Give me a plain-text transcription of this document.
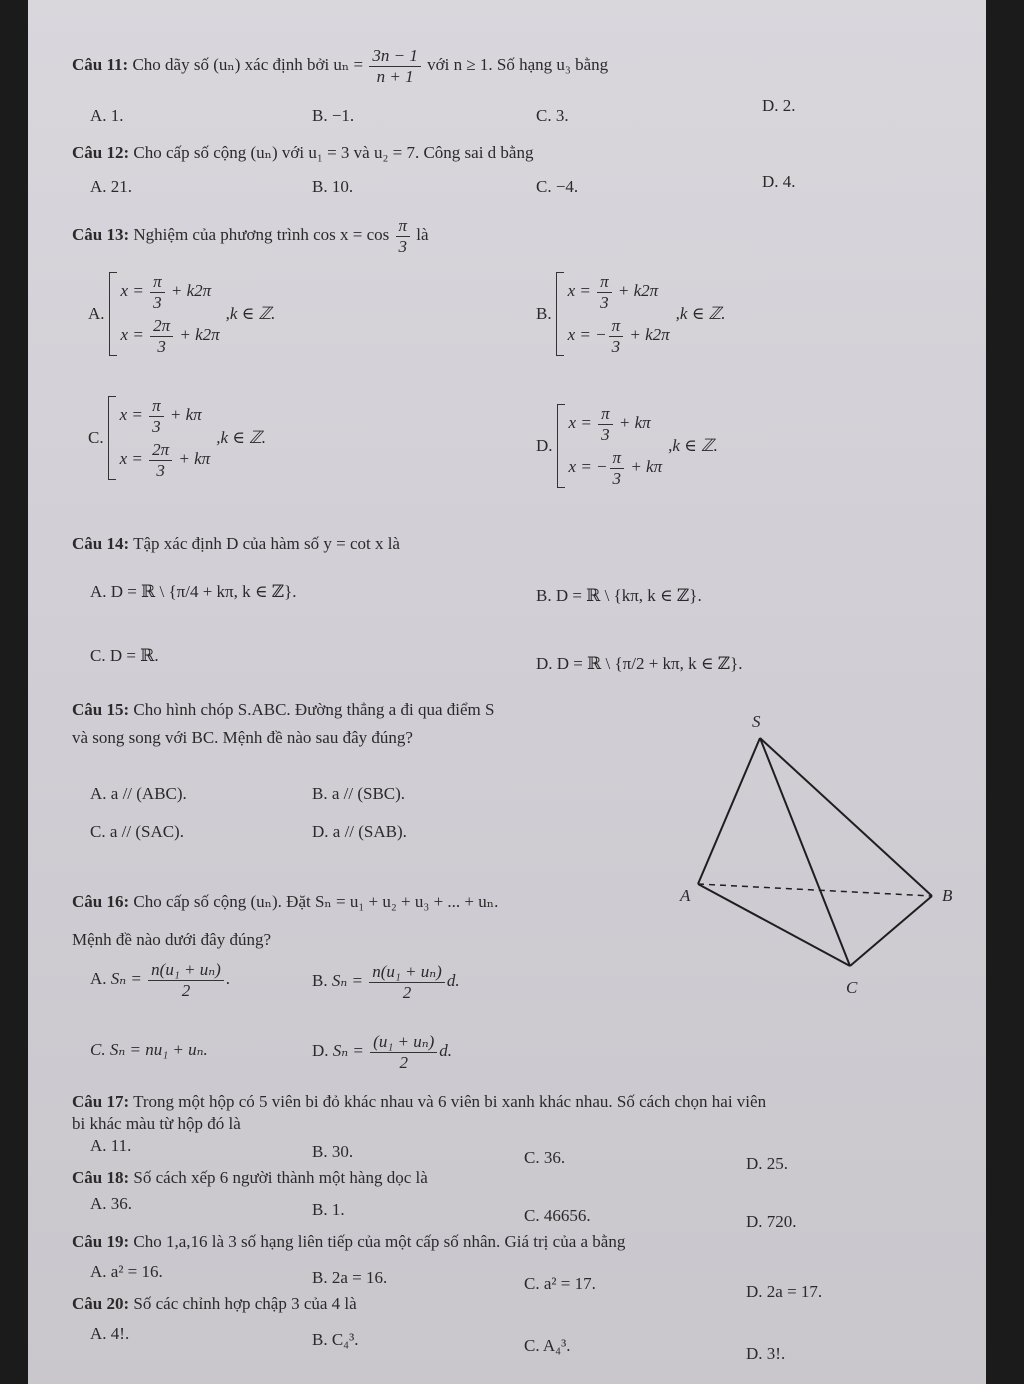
Câu 11: Cho dãy số (uₙ) xác định bởi $u_n = \frac{3n - 1}{n + 1}$ với n ≥ 1. Số hạng u₃ bằng
A. 1.	B. −1.	C. 3.
D. 2.
Câu 12: Cho cấp số cộng (uₙ) với u₁ = 3 và u₂ = 7. Công sai d bằng
A. 21.	B. 10.	C. −4.	D. 4.
Câu 13: Nghiệm của phương trình $\cos x = \cos \frac{\pi}{3}$ là
A.
$x = \frac{\pi}{3} + k2\pi$
$x = \frac{2\pi}{3} + k2\pi$
,k ∈ ℤ.	B.
$x = \frac{\pi}{3} + k2\pi$
x = − $\frac{\pi}{3} + k2\pi$
,k ∈ ℤ.
C.
$x = \frac{\pi}{3} + k\pi$
$x = \frac{2\pi}{3} + k\pi$
,k ∈ ℤ.	D.
$x = \frac{\pi}{3} + k\pi$
x = − $\frac{\pi}{3} + k\pi$
,k ∈ ℤ.
Câu 14: Tập xác định D của hàm số y = cot x là
A. D = ℝ \ {π/4 + kπ, k ∈ ℤ}.	B. D = ℝ \ {kπ, k ∈ ℤ}.
C. D = ℝ.	D. D = ℝ \ {π/2 + kπ, k ∈ ℤ}.
Câu 15: Cho hình chóp S.ABC. Đường thẳng a đi qua điểm S
và song song với BC. Mệnh đề nào sau đây đúng?
A. a // (ABC).	B. a // (SBC).
C. a // (SAC).	D. a // (SAB).
S
A	B
C
Câu 16: Cho cấp số cộng (uₙ). Đặt Sₙ = u₁ + u₂ + u₃ + ... + uₙ.
Mệnh đề nào dưới đây đúng?
A. $S_n = \frac{\text{n(u₁ + uₙ)}}{2}$ .	B. $S_n = \frac{\text{n(u₁ + uₙ)}}{2} d$.
C. Sₙ = nu₁ + uₙ.	D. $S_n = \frac{\text{(u₁ + uₙ)}}{2} d$.
Câu 17: Trong một hộp có 5 viên bi đỏ khác nhau và 6 viên bi xanh khác nhau. Số cách chọn hai viên
bi khác màu từ hộp đó là
A. 11.	B. 30.	C. 36.	D. 25.
Câu 18: Số cách xếp 6 người thành một hàng dọc là
A. 36.	B. 1.	C. 46656.	D. 720.
Câu 19: Cho 1,a,16 là 3 số hạng liên tiếp của một cấp số nhân. Giá trị của a bằng
A. a² = 16.	B. 2a = 16.	C. a² = 17.	D. 2a = 17.
Câu 20: Số các chỉnh hợp chập 3 của 4 là
A. 4!.	B. C₄³.	C. A₄³.	D. 3!.
